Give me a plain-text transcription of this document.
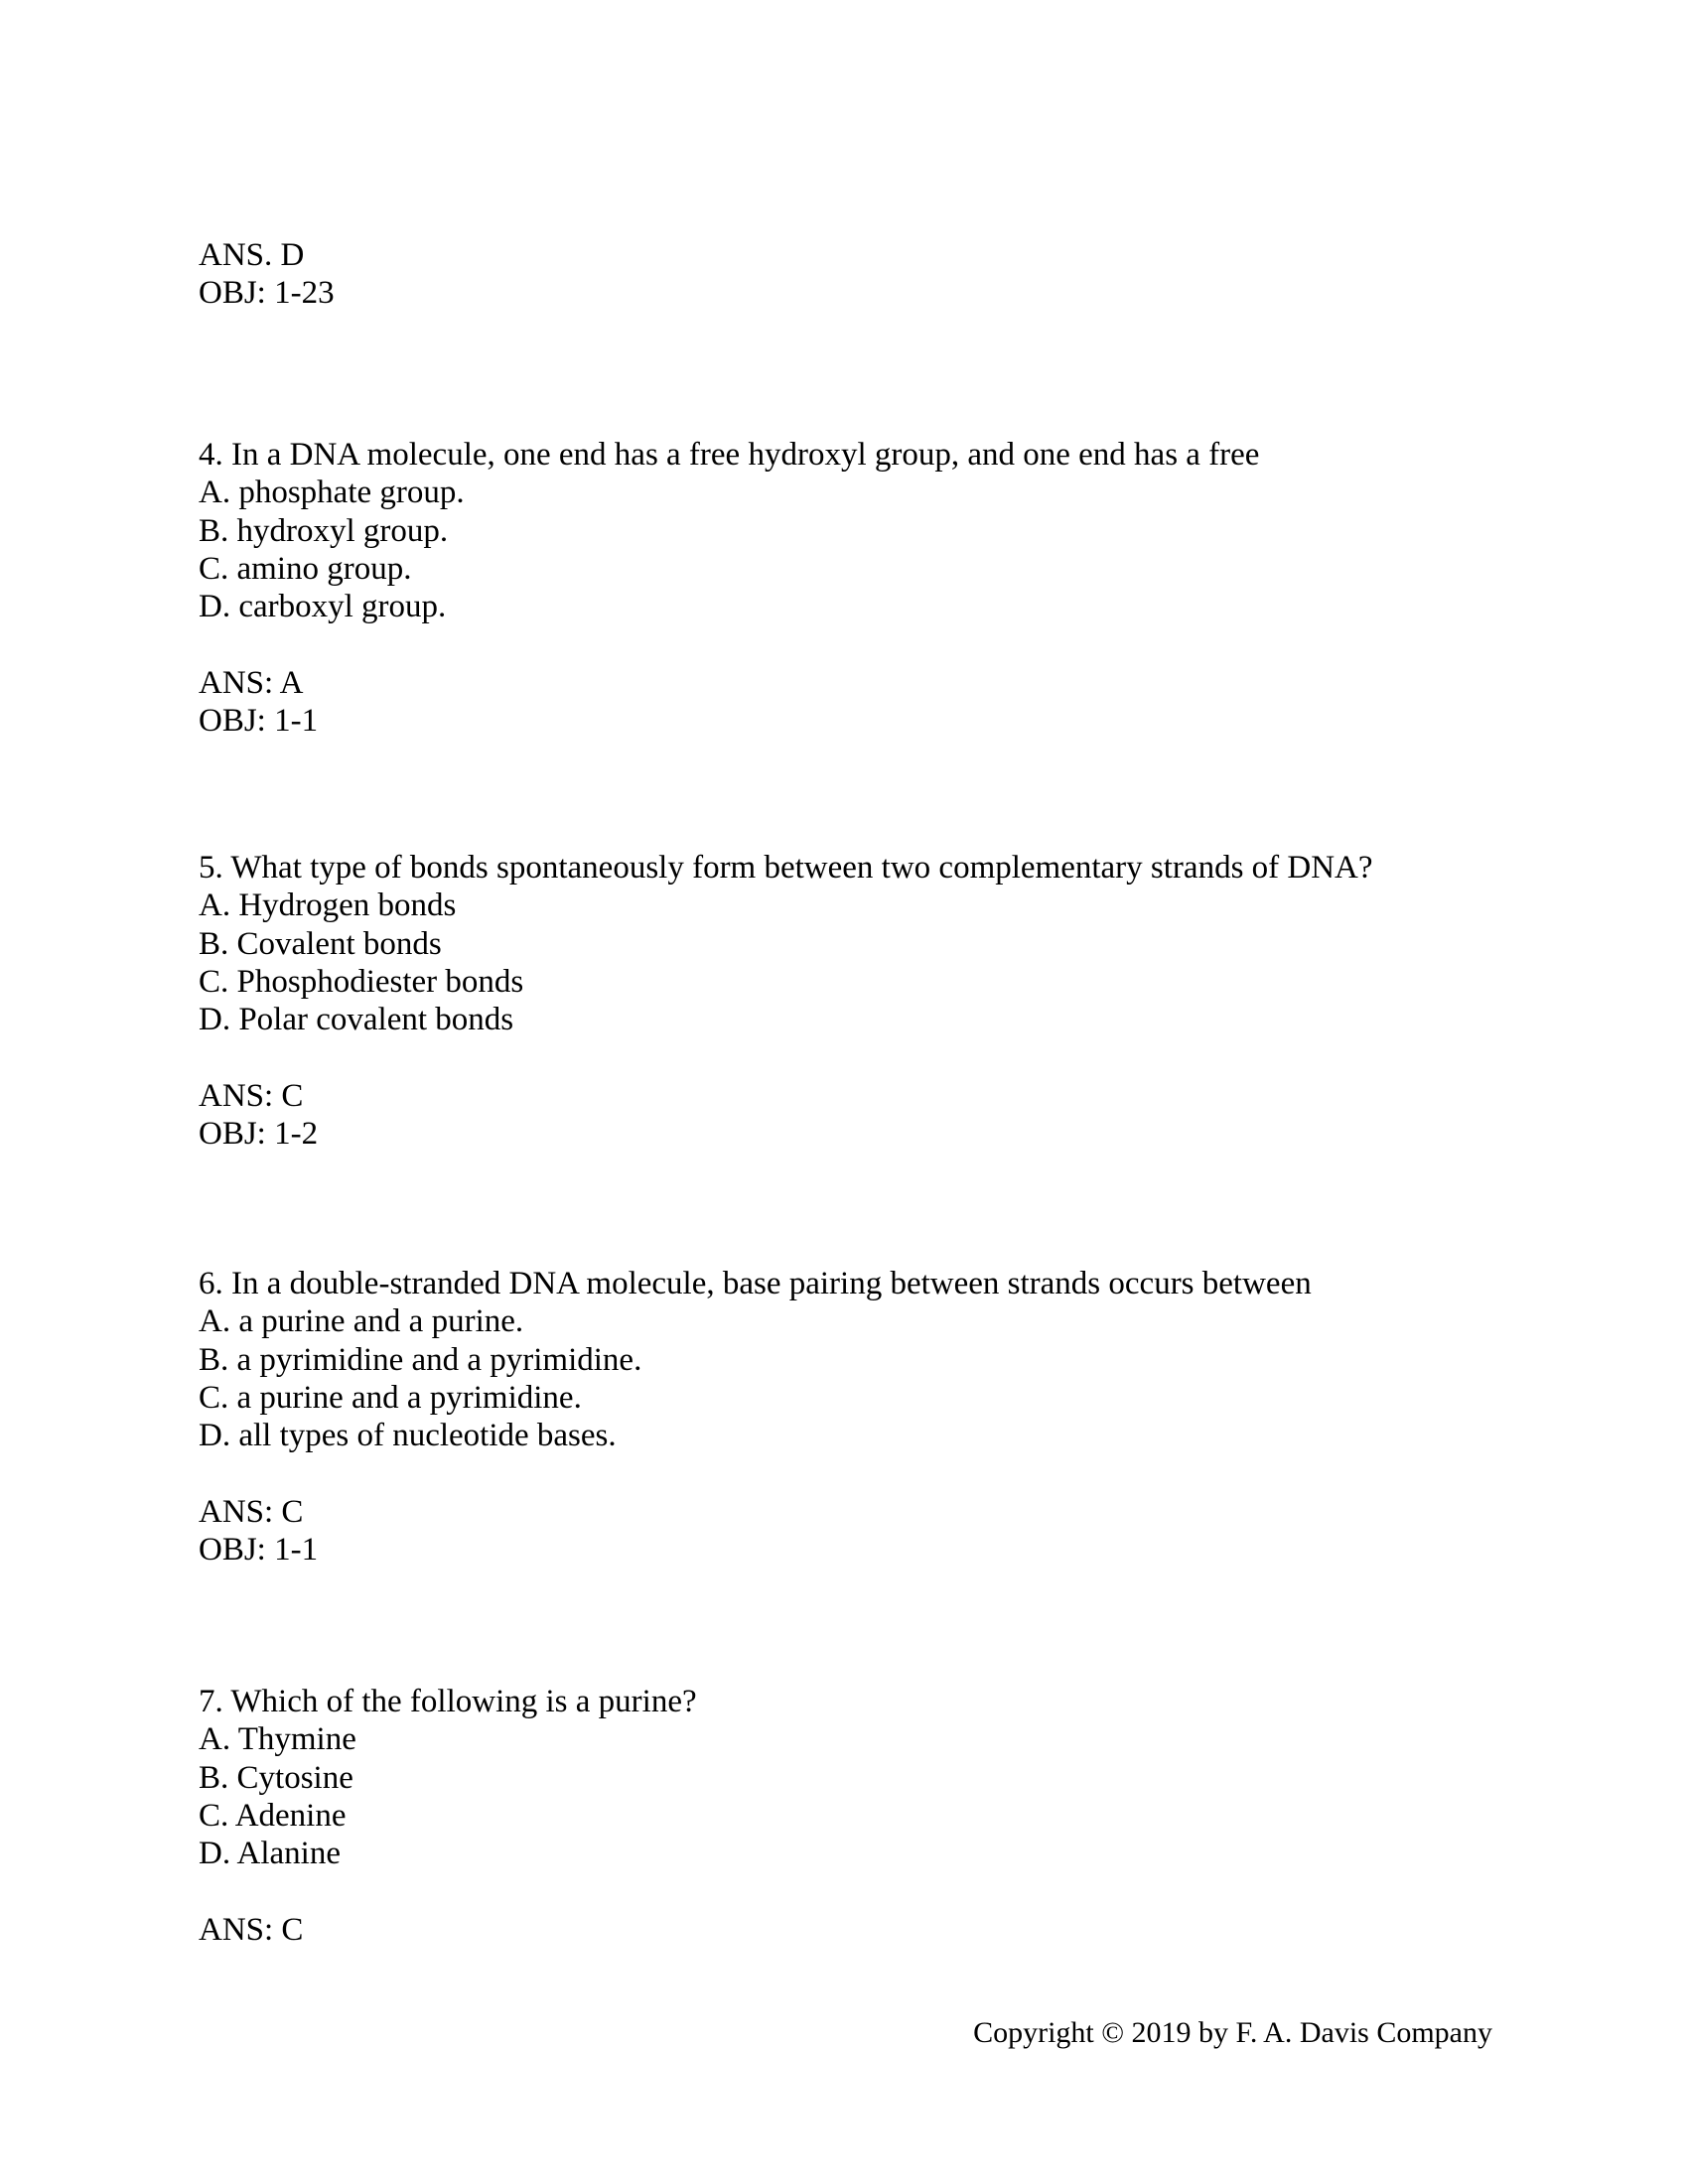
ANS. D
OBJ: 1-23
4. In a DNA molecule, one end has a free hydroxyl group, and one end has a free
A. phosphate group.
B. hydroxyl group.
C. amino group.
D. carboxyl group.
ANS: A
OBJ: 1-1
5. What type of bonds spontaneously form between two complementary strands of DNA?
A. Hydrogen bonds
B. Covalent bonds
C. Phosphodiester bonds
D. Polar covalent bonds
ANS: C
OBJ: 1-2
6. In a double-stranded DNA molecule, base pairing between strands occurs between
A. a purine and a purine.
B. a pyrimidine and a pyrimidine.
C. a purine and a pyrimidine.
D. all types of nucleotide bases.
ANS: C
OBJ: 1-1
7. Which of the following is a purine?
A. Thymine
B. Cytosine
C. Adenine
D. Alanine
ANS: C
Copyright © 2019 by F. A. Davis Company
